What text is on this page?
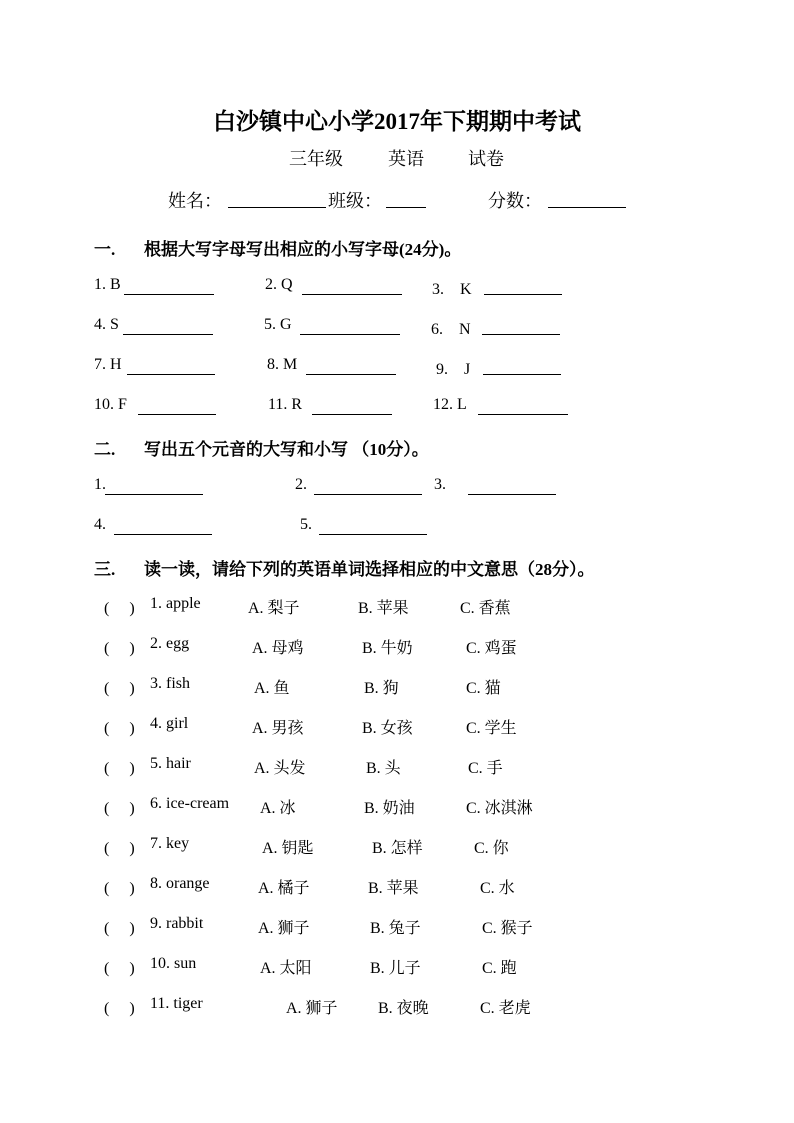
白沙镇中心小学2017年下期期中考试
三年级	英语 试卷
姓名：	班级：	分数：
一. 根据大写字母写出相应的小写字母(24分)。
1. B	2. Q	3.　K
4. S	5. G	6.　N
7. H	8. M	9.　J
10. F	11. R	12. L
二. 写出五个元音的大写和小写 （10分）。
1.	2.	3.
4.	5.
三. 读一读，请给下列的英语单词选择相应的中文意思（28分）。
(　 ) 1. apple	A. 梨子	B. 苹果	C. 香蕉
(　 ) 2. egg	A. 母鸡	B. 牛奶	C. 鸡蛋
(　 ) 3. fish	A. 鱼	B. 狗	C. 猫
(　 ) 4. girl	A. 男孩	B. 女孩	C. 学生
(　 ) 5. hair	A. 头发	B. 头	C. 手
(　 ) 6. ice-cream A. 冰	B. 奶油	C. 冰淇淋
(　 ) 7. key	A. 钥匙	B. 怎样	C. 你
(　 ) 8. orange	A. 橘子	B. 苹果	C. 水
(　 ) 9. rabbit	A. 狮子	B. 兔子	C. 猴子
(　 ) 10. sun	A. 太阳	B. 儿子	C. 跑
(　 ) 11. tiger	A. 狮子	B. 夜晚	C. 老虎
